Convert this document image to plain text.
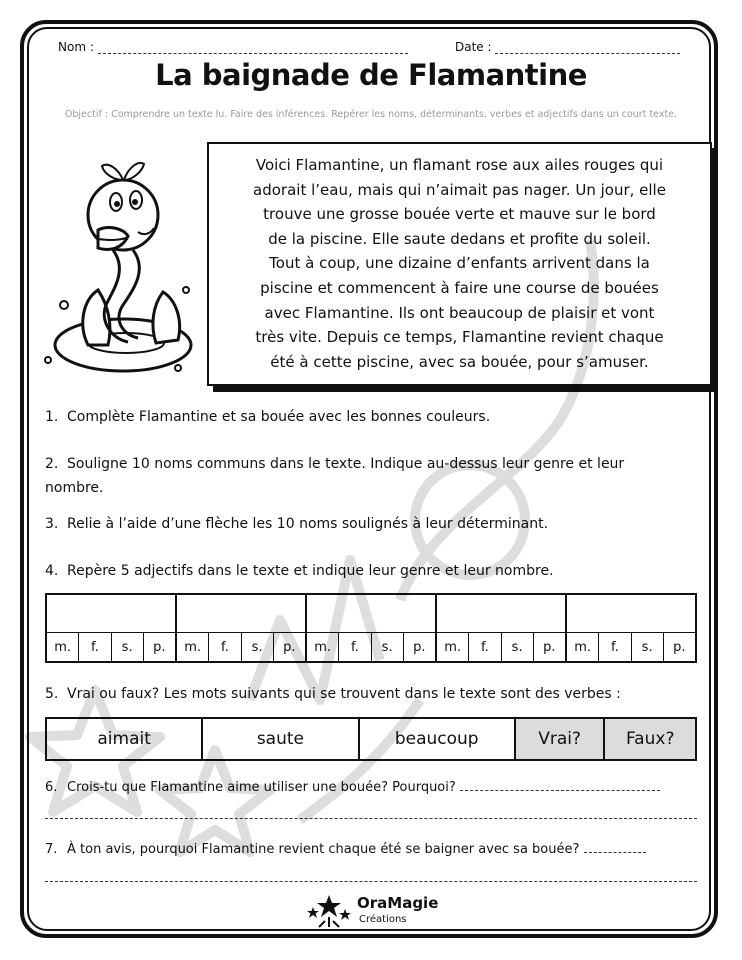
Nom :	Date :
La baignade de Flamantine
Objectif : Comprendre un texte lu. Faire des inférences. Repérer les noms, déterminants, verbes et adjectifs dans un court texte.

Voici Flamantine, un flamant rose aux ailes rouges qui

adorait l’eau, mais qui n’aimait pas nager. Un jour, elle

trouve une grosse bouée verte et mauve sur le bord

de la piscine. Elle saute dedans et profite du soleil.

Tout à coup, une dizaine d’enfants arrivent dans la

piscine et commencent à faire une course de bouées

avec Flamantine. Ils ont beaucoup de plaisir et vont

très vite. Depuis ce temps, Flamantine revient chaque

été à cette piscine, avec sa bouée, pour s’amuser.

1. Complète Flamantine et sa bouée avec les bonnes couleurs.
2. Souligne 10 noms communs dans le texte. Indique au-dessus leur genre et leur
nombre.
3. Relie à l’aide d’une flèche les 10 noms soulignés à leur déterminant.
4. Repère 5 adjectifs dans le texte et indique leur genre et leur nombre.
m.	f.	s.	p.	m.	f.	s.	p.	m.	f.	s.	p.	m.	f.	s.	p.	m.	f.	s.	p.
5. Vrai ou faux? Les mots suivants qui se trouvent dans le texte sont des verbes :
aimait	saute	beaucoup	Vrai?	Faux?
6. Crois-tu que Flamantine aime utiliser une bouée? Pourquoi?
7. À ton avis, pourquoi Flamantine revient chaque été se baigner avec sa bouée?
OraMagie
Créations
